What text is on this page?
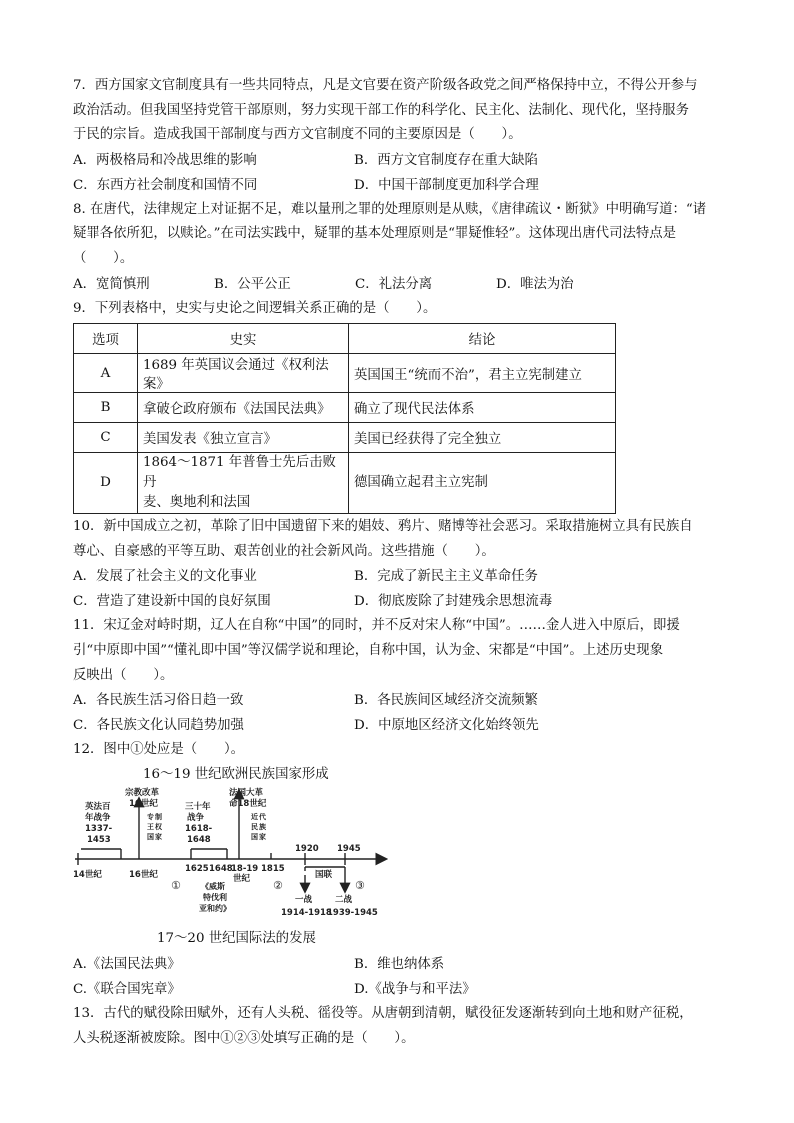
7．西方国家文官制度具有一些共同特点，凡是文官要在资产阶级各政党之间严格保持中立，不得公开参与
政治活动。但我国坚持党管干部原则，努力实现干部工作的科学化、民主化、法制化、现代化，坚持服务
于民的宗旨。造成我国干部制度与西方文官制度不同的主要原因是（　　）。
A．两极格局和冷战思维的影响	B．西方文官制度存在重大缺陷
C．东西方社会制度和国情不同	D．中国干部制度更加科学合理
8. 在唐代，法律规定上对证据不足，难以量刑之罪的处理原则是从赎，《唐律疏议・断狱》中明确写道：“诸
疑罪各依所犯，以赎论。”在司法实践中，疑罪的基本处理原则是“罪疑惟轻”。这体现出唐代司法特点是
（　　）。
A．宽简慎刑	B．公平公正	C．礼法分离	D．唯法为治
9．下列表格中，史实与史论之间逻辑关系正确的是（　　）。
选项	史实	结论
A	1689 年英国议会通过《权利法案》	英国国王“统而不治”，君主立宪制建立
B	拿破仑政府颁布《法国民法典》	确立了现代民法体系
C	美国发表《独立宣言》	美国已经获得了完全独立
D	1864～1871 年普鲁士先后击败丹
麦、奥地利和法国	德国确立起君主立宪制
10．新中国成立之初，革除了旧中国遗留下来的娼妓、鸦片、赌博等社会恶习。采取措施树立具有民族自
尊心、自豪感的平等互助、艰苦创业的社会新风尚。这些措施（　　）。
A．发展了社会主义的文化事业	B．完成了新民主主义革命任务
C．营造了建设新中国的良好氛围	D．彻底废除了封建残余思想流毒
11．宋辽金对峙时期，辽人在自称“中国”的同时，并不反对宋人称“中国”。……金人进入中原后，即援
引“中原即中国”“懂礼即中国”等汉儒学说和理论，自称中国，认为金、宋都是“中国”。上述历史现象
反映出（　　）。
A．各民族生活习俗日趋一致	B．各民族间区域经济交流频繁
C．各民族文化认同趋势加强	D．中原地区经济文化始终领先
12．图中①处应是（　　）。
16～19 世纪欧洲民族国家形成
英法百
年战争
1337-
1453
宗教改革
16世纪
专 制
王 权
国 家
三十年
战争
1618-
1648
法国大革
命18世纪
近 代
民 族
国 家
14世纪	16世纪
1625 1648
18-19
世纪
1815
1920 1945
①	②	③
《威斯
特伐利
亚和约》
国联
一战
1914-1918
二战
1939-1945
17～20 世纪国际法的发展
A.《法国民法典》	B．维也纳体系
C.《联合国宪章》	D.《战争与和平法》
13．古代的赋役除田赋外，还有人头税、徭役等。从唐朝到清朝，赋役征发逐渐转到向土地和财产征税，
人头税逐渐被废除。图中①②③处填写正确的是（　　）。
